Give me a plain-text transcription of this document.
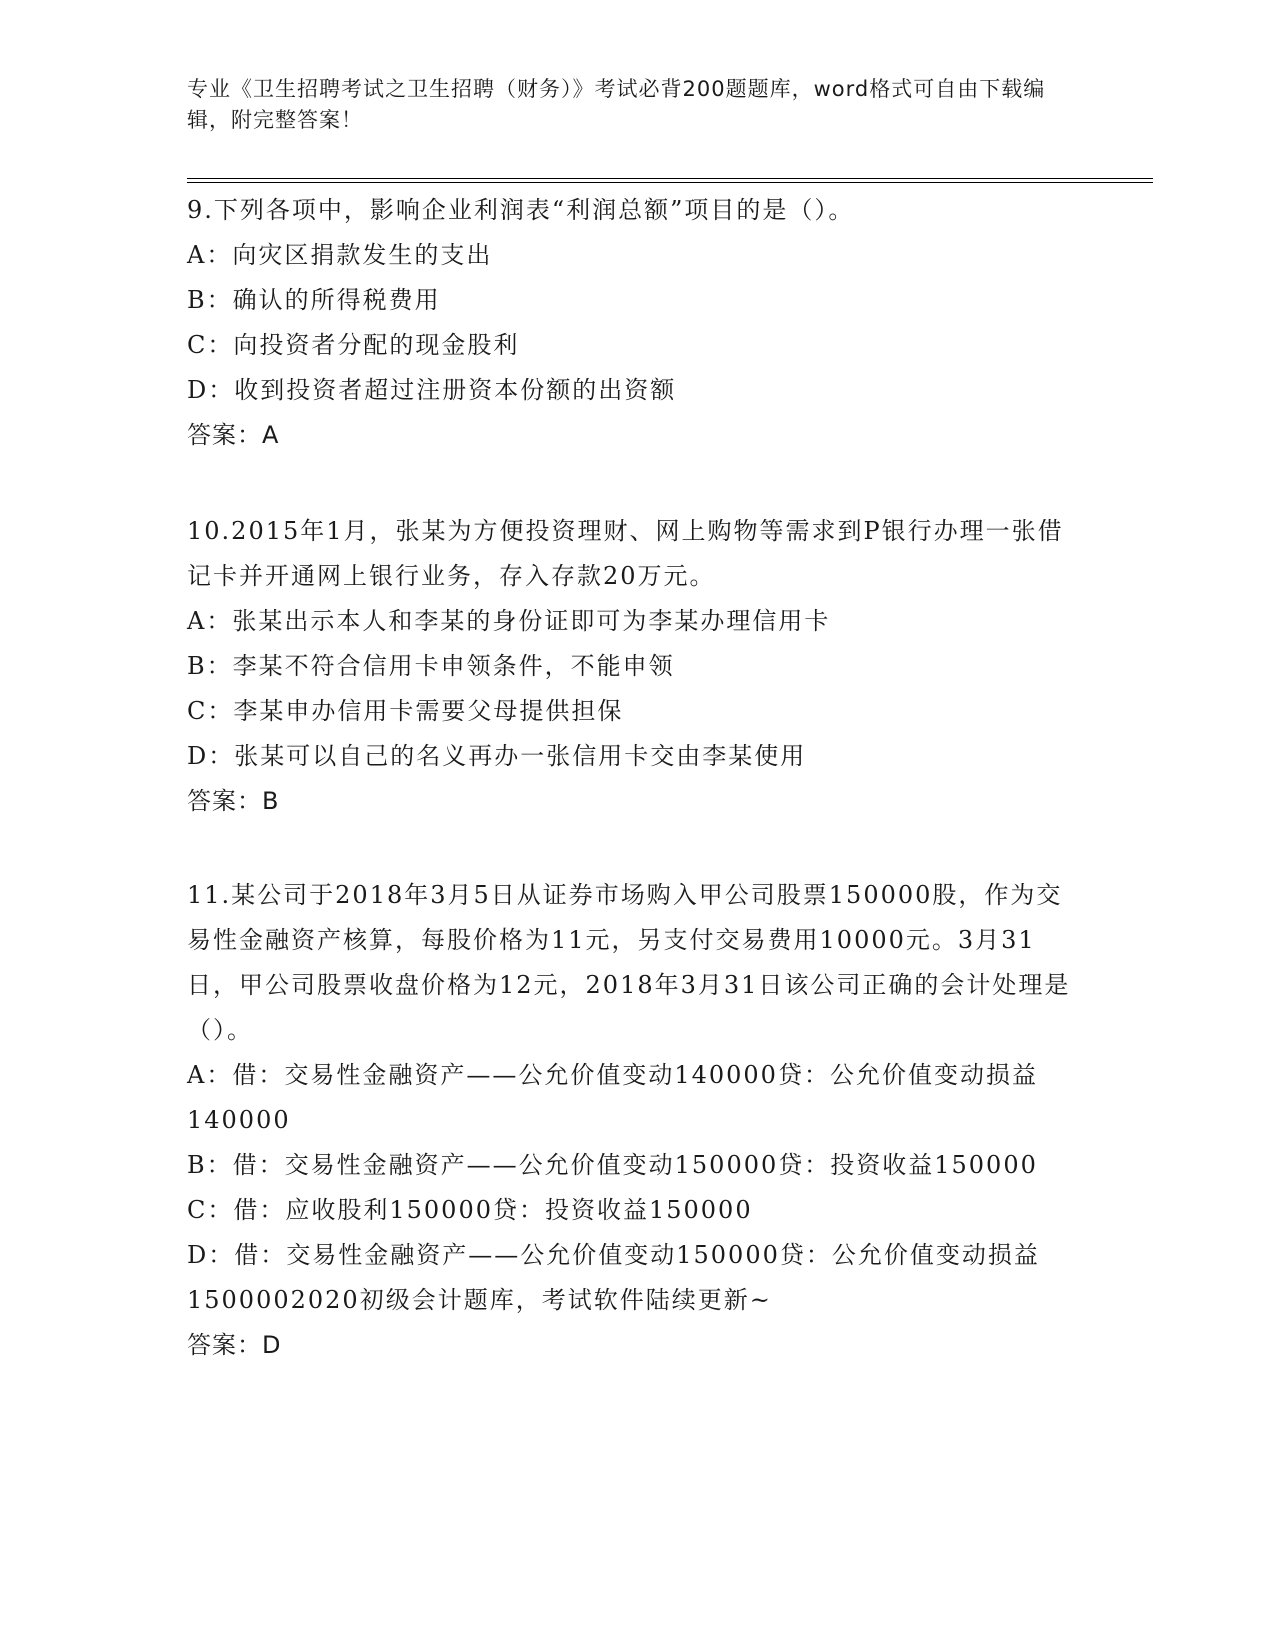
专业《卫生招聘考试之卫生招聘（财务）》考试必背200题题库，word格式可自由下载编辑，附完整答案！
9.下列各项中，影响企业利润表“利润总额”项目的是（）。
A：向灾区捐款发生的支出
B：确认的所得税费用
C：向投资者分配的现金股利
D：收到投资者超过注册资本份额的出资额
答案：A
10.2015年1月，张某为方便投资理财、网上购物等需求到P银行办理一张借记卡并开通网上银行业务，存入存款20万元。
A：张某出示本人和李某的身份证即可为李某办理信用卡
B：李某不符合信用卡申领条件，不能申领
C：李某申办信用卡需要父母提供担保
D：张某可以自己的名义再办一张信用卡交由李某使用
答案：B
11.某公司于2018年3月5日从证券市场购入甲公司股票150000股，作为交易性金融资产核算，每股价格为11元，另支付交易费用10000元。3月31日，甲公司股票收盘价格为12元，2018年3月31日该公司正确的会计处理是（）。
A：借：交易性金融资产——公允价值变动140000贷：公允价值变动损益140000
B：借：交易性金融资产——公允价值变动150000贷：投资收益150000
C：借：应收股利150000贷：投资收益150000
D：借：交易性金融资产——公允价值变动150000贷：公允价值变动损益1500002020初级会计题库，考试软件陆续更新~
答案：D
